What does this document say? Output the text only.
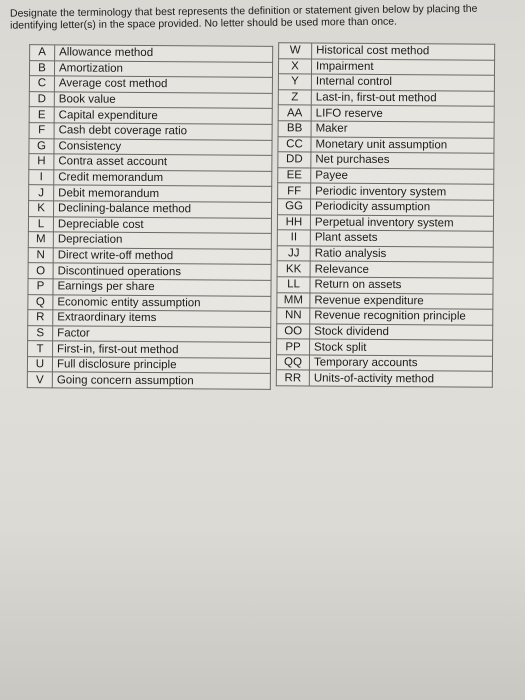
Designate the terminology that best represents the definition or statement given below by placing the identifying letter(s) in the space provided. No letter should be used more than once.
A	Allowance method
B	Amortization
C	Average cost method
D	Book value
E	Capital expenditure
F	Cash debt coverage ratio
G	Consistency
H	Contra asset account
I	Credit memorandum
J	Debit memorandum
K	Declining-balance method
L	Depreciable cost
M	Depreciation
N	Direct write-off method
O	Discontinued operations
P	Earnings per share
Q	Economic entity assumption
R	Extraordinary items
S	Factor
T	First-in, first-out method
U	Full disclosure principle
V	Going concern assumption
W	Historical cost method
X	Impairment
Y	Internal control
Z	Last-in, first-out method
AA	LIFO reserve
BB	Maker
CC	Monetary unit assumption
DD	Net purchases
EE	Payee
FF	Periodic inventory system
GG	Periodicity assumption
HH	Perpetual inventory system
II	Plant assets
JJ	Ratio analysis
KK	Relevance
LL	Return on assets
MM	Revenue expenditure
NN	Revenue recognition principle
OO	Stock dividend
PP	Stock split
QQ	Temporary accounts
RR	Units-of-activity method
